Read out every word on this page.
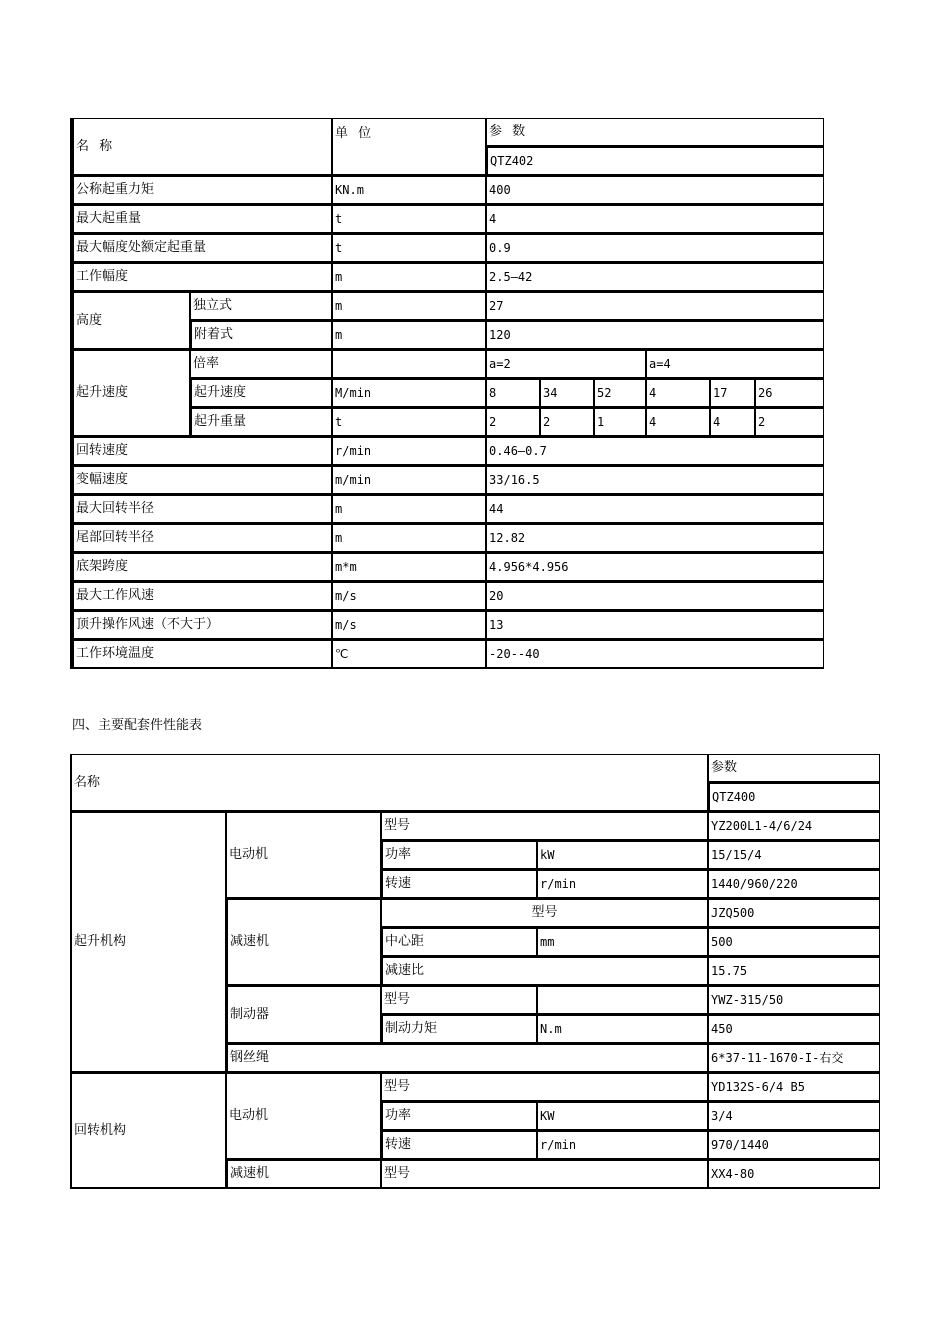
名 称		单 位	参 数					
			QTZ402					
公称起重力矩		KN.m	400					
最大起重量		t	4					
最大幅度处额定起重量		t	0.9					
工作幅度		m	2.5—42					
高度	独立式	m	27					
	附着式	m	120					
起升速度	倍率		a=2			a=4		
	起升速度	M/min	8	34	52	4	17	26
	起升重量	t	2	2	1	4	4	2
回转速度		r/min	0.46—0.7					
变幅速度		m/min	33/16.5					
最大回转半径		m	44					
尾部回转半径		m	12.82					
底架跨度		m*m	4.956*4.956					
最大工作风速		m/s	20					
顶升操作风速（不大于）		m/s	13					
工作环境温度		℃	-20--40					
四、主要配套件性能表
名称				参数
				QTZ400
起升机构	电动机	型号		YZ200L1-4/6/24
		功率	kW	15/15/4
		转速	r/min	1440/960/220
	减速机	型号		JZQ500
		中心距	mm	500
		减速比		15.75
	制动器	型号		YWZ-315/50
		制动力矩	N.m	450
	钢丝绳			6*37-11-1670-I-右交
回转机构	电动机	型号		YD132S-6/4 B5
		功率	KW	3/4
		转速	r/min	970/1440
	减速机	型号		XX4-80
